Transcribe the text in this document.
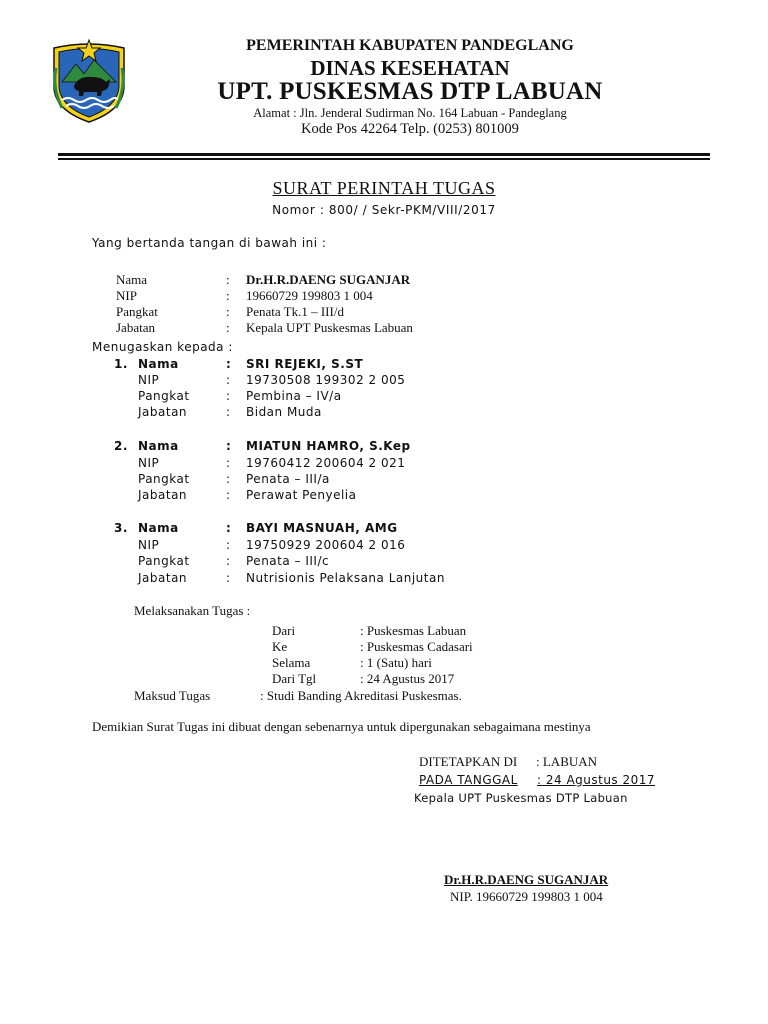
PEMERINTAH KABUPATEN PANDEGLANG
DINAS KESEHATAN
UPT. PUSKESMAS DTP LABUAN
Alamat : Jln. Jenderal Sudirman No. 164 Labuan - Pandeglang
Kode Pos 42264 Telp. (0253) 801009
SURAT PERINTAH TUGAS
Nomor : 800/ / Sekr-PKM/VIII/2017
Yang bertanda tangan di bawah ini :
Nama	: Dr.H.R.DAENG SUGANJAR
NIP	: 19660729 199803 1 004
Pangkat	: Penata Tk.1 – III/d
Jabatan	: Kepala UPT Puskesmas Labuan
Menugaskan kepada :
1. Nama	: SRI REJEKI, S.ST
NIP	: 19730508 199302 2 005
Pangkat	: Pembina – IV/a
Jabatan	: Bidan Muda
2. Nama	: MIATUN HAMRO, S.Kep
NIP	: 19760412 200604 2 021
Pangkat	: Penata – III/a
Jabatan	: Perawat Penyelia
3. Nama	: BAYI MASNUAH, AMG
NIP	: 19750929 200604 2 016
Pangkat	: Penata – III/c
Jabatan	: Nutrisionis Pelaksana Lanjutan
Melaksanakan Tugas :
Dari	: Puskesmas Labuan
Ke	: Puskesmas Cadasari
Selama	: 1 (Satu) hari
Dari Tgl	: 24 Agustus 2017
Maksud Tugas	: Studi Banding Akreditasi Puskesmas.
Demikian Surat Tugas ini dibuat dengan sebenarnya untuk dipergunakan sebagaimana mestinya
DITETAPKAN DI : LABUAN
PADA TANGGAL : 24 Agustus 2017
Kepala UPT Puskesmas DTP Labuan
Dr.H.R.DAENG SUGANJAR
NIP. 19660729 199803 1 004
